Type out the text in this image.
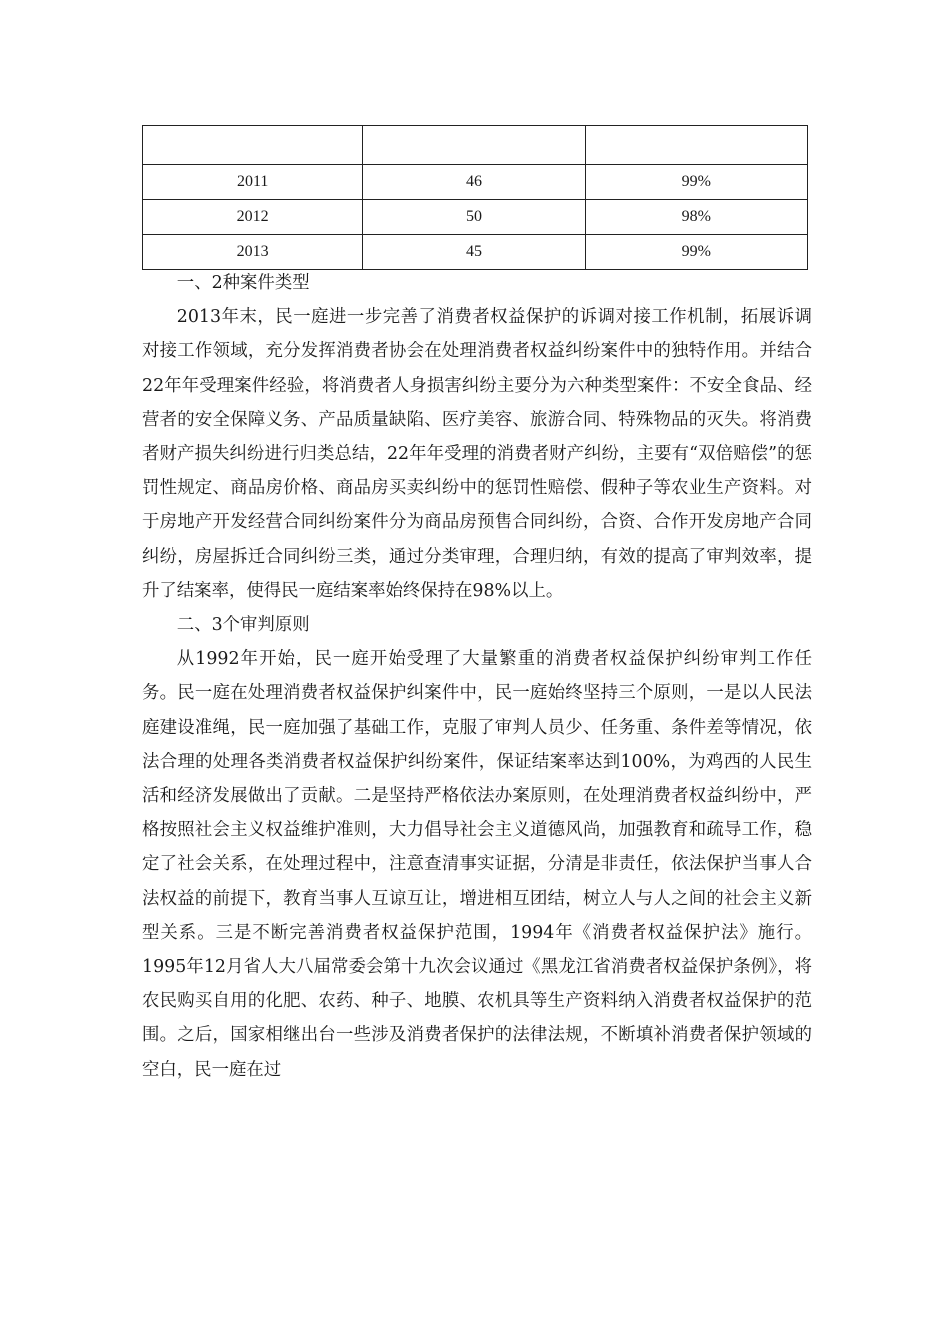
2011	46	99%
2012	50	98%
2013	45	99%

一、2种案件类型

2013年末，民一庭进一步完善了消费者权益保护的诉调对接工作机制，拓展诉调对接工作领域，充分发挥消费者协会在处理消费者权益纠纷案件中的独特作用。并结合22年年受理案件经验，将消费者人身损害纠纷主要分为六种类型案件：不安全食品、经营者的安全保障义务、产品质量缺陷、医疗美容、旅游合同、特殊物品的灭失。将消费者财产损失纠纷进行归类总结，22年年受理的消费者财产纠纷，主要有“双倍赔偿”的惩罚性规定、商品房价格、商品房买卖纠纷中的惩罚性赔偿、假种子等农业生产资料。对于房地产开发经营合同纠纷案件分为商品房预售合同纠纷，合资、合作开发房地产合同纠纷，房屋拆迁合同纠纷三类，通过分类审理，合理归纳，有效的提高了审判效率，提升了结案率，使得民一庭结案率始终保持在98%以上。

二、3个审判原则

从1992年开始，民一庭开始受理了大量繁重的消费者权益保护纠纷审判工作任务。民一庭在处理消费者权益保护纠案件中，民一庭始终坚持三个原则，一是以人民法庭建设准绳，民一庭加强了基础工作，克服了审判人员少、任务重、条件差等情况，依法合理的处理各类消费者权益保护纠纷案件，保证结案率达到100%，为鸡西的人民生活和经济发展做出了贡献。二是坚持严格依法办案原则，在处理消费者权益纠纷中，严格按照社会主义权益维护准则，大力倡导社会主义道德风尚，加强教育和疏导工作，稳定了社会关系，在处理过程中，注意查清事实证据，分清是非责任，依法保护当事人合法权益的前提下，教育当事人互谅互让，增进相互团结，树立人与人之间的社会主义新型关系。三是不断完善消费者权益保护范围，1994年《消费者权益保护法》施行。1995年12月省人大八届常委会第十九次会议通过《黑龙江省消费者权益保护条例》，将农民购买自用的化肥、农药、种子、地膜、农机具等生产资料纳入消费者权益保护的范围。之后，国家相继出台一些涉及消费者保护的法律法规，不断填补消费者保护领域的空白，民一庭在过
